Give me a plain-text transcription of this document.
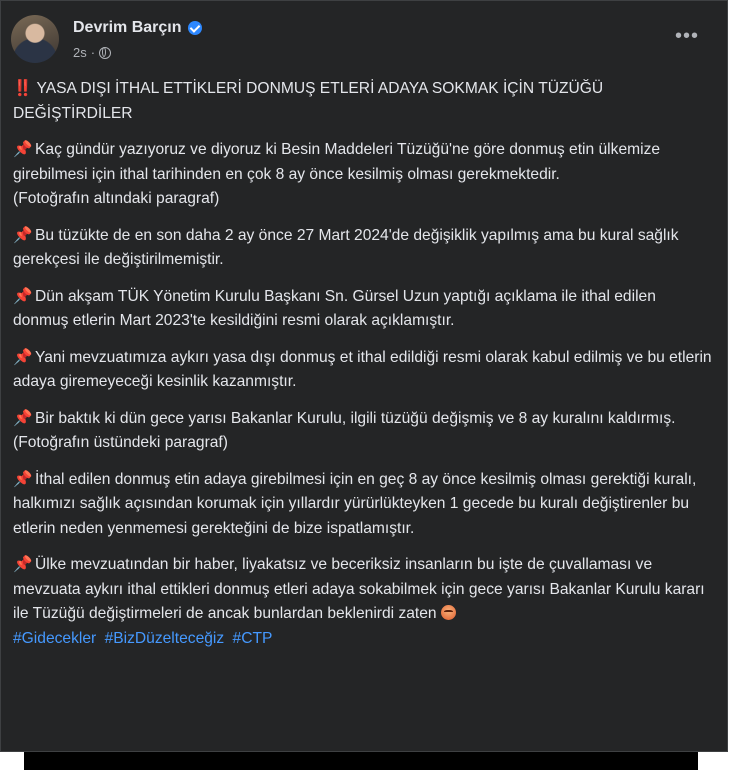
Devrim Barçın
2s ·
•••

‼️ YASA DIŞI İTHAL ETTİKLERİ DONMUŞ ETLERİ ADAYA SOKMAK İÇİN TÜZÜĞÜ DEĞİŞTİRDİLER

📌 Kaç gündür yazıyoruz ve diyoruz ki Besin Maddeleri Tüzüğü'ne göre donmuş etin ülkemize girebilmesi için ithal tarihinden en çok 8 ay önce kesilmiş olması gerekmektedir.
(Fotoğrafın altındaki paragraf)

📌 Bu tüzükte de en son daha 2 ay önce 27 Mart 2024'de değişiklik yapılmış ama bu kural sağlık gerekçesi ile değiştirilmemiştir.

📌 Dün akşam TÜK Yönetim Kurulu Başkanı Sn. Gürsel Uzun yaptığı açıklama ile ithal edilen donmuş etlerin Mart 2023'te kesildiğini resmi olarak açıklamıştır.

📌 Yani mevzuatımıza aykırı yasa dışı donmuş et ithal edildiği resmi olarak kabul edilmiş ve bu etlerin adaya giremeyeceği kesinlik kazanmıştır.

📌 Bir baktık ki dün gece yarısı Bakanlar Kurulu, ilgili tüzüğü değişmiş ve 8 ay kuralını kaldırmış.
(Fotoğrafın üstündeki paragraf)

📌 İthal edilen donmuş etin adaya girebilmesi için en geç 8 ay önce kesilmiş olması gerektiği kuralı, halkımızı sağlık açısından korumak için yıllardır yürürlükteyken 1 gecede bu kuralı değiştirenler bu etlerin neden yenmemesi gerekteğini de bize ispatlamıştır.

📌 Ülke mevzuatından bir haber, liyakatsız ve beceriksiz insanların bu işte de çuvallaması ve mevzuata aykırı ithal ettikleri donmuş etleri adaya sokabilmek için gece yarısı Bakanlar Kurulu kararı ile Tüzüğü değiştirmeleri de ancak bunlardan beklenirdi zaten

#Gidecekler #BizDüzelteceğiz #CTP
